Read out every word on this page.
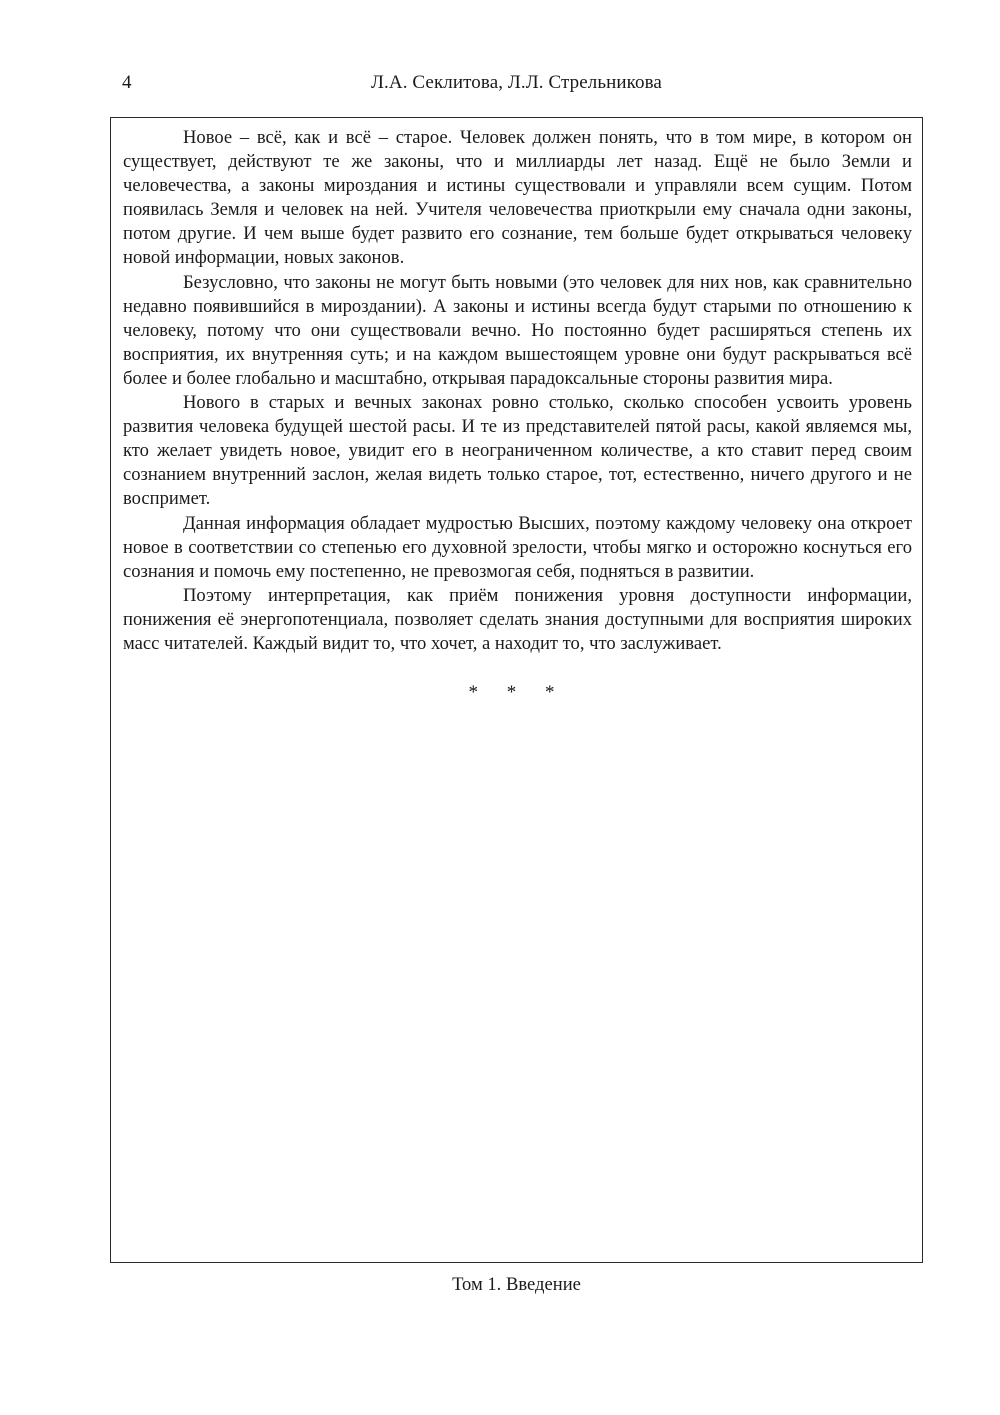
4	Л.А. Секлитова, Л.Л. Стрельникова

Новое – всё, как и всё – старое. Человек должен понять, что в том мире, в котором он существует, действуют те же законы, что и миллиарды лет назад. Ещё не было Земли и человечества, а законы мироздания и истины существовали и управляли всем сущим. Потом появилась Земля и человек на ней. Учителя человечества приоткрыли ему сначала одни законы, потом другие. И чем выше будет развито его сознание, тем больше будет открываться человеку новой информации, новых законов.

Безусловно, что законы не могут быть новыми (это человек для них нов, как сравнительно недавно появившийся в мироздании). А законы и истины всегда будут старыми по отношению к человеку, потому что они существовали вечно. Но постоянно будет расширяться степень их восприятия, их внутренняя суть; и на каждом вышестоящем уровне они будут раскрываться всё более и более глобально и масштабно, открывая парадоксальные стороны развития мира.

Нового в старых и вечных законах ровно столько, сколько способен усвоить уровень развития человека будущей шестой расы. И те из представителей пятой расы, какой являемся мы, кто желает увидеть новое, увидит его в неограниченном количестве, а кто ставит перед своим сознанием внутренний заслон, желая видеть только старое, тот, естественно, ничего другого и не воспримет.

Данная информация обладает мудростью Высших, поэтому каждому человеку она откроет новое в соответствии со степенью его духовной зрелости, чтобы мягко и осторожно коснуться его сознания и помочь ему постепенно, не превозмогая себя, подняться в развитии.

Поэтому интерпретация, как приём понижения уровня доступности информации, понижения её энергопотенциала, позволяет сделать знания доступными для восприятия широких масс читателей. Каждый видит то, что хочет, а находит то, что заслуживает.

* * *
Том 1. Введение
